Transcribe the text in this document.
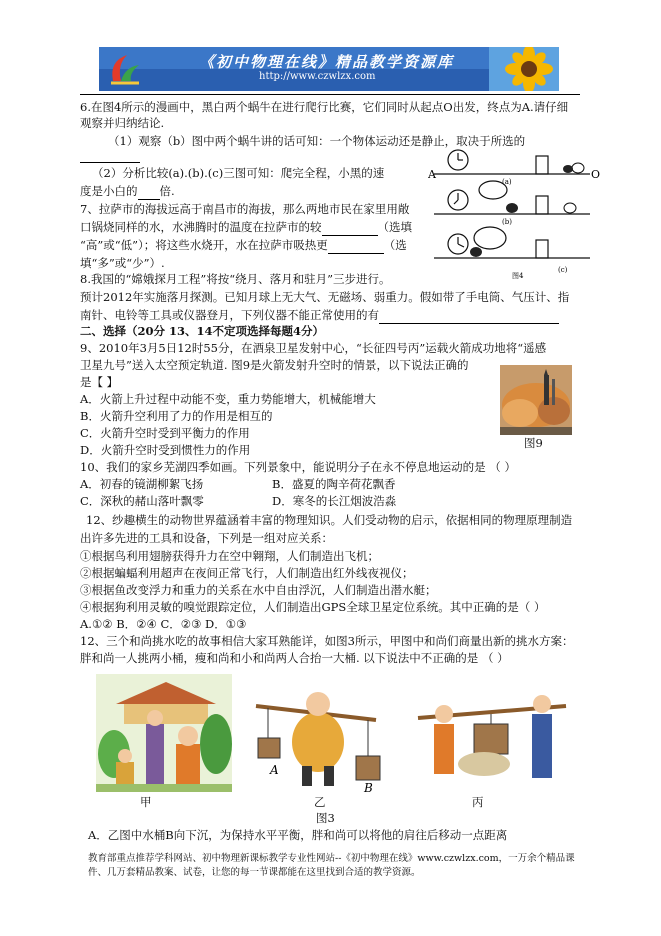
《初中物理在线》精品教学资源库
http://www.czwlzx.com
6.在图4所示的漫画中，黑白两个蜗牛在进行爬行比赛，它们同时从起点O出发，终点为A.请仔细
观察并归纳结论.
（1）观察（b）图中两个蜗牛讲的话可知：一个物体运动还是静止，取决于所选的
（2）分析比较(a).(b).(c)三图可知：爬完全程，小黑的速
度是小白的 倍.
A	O
(a)
(b)
(c)
图4
7、拉萨市的海拔远高于南昌市的海拔，那么两地市民在家里用敞
口锅烧同样的水，水沸腾时的温度在拉萨市的较	（选填
“高”或“低”）；将这些水烧开，水在拉萨市吸热更	（选
填“多”或“少”）.
8.我国的“嫦娥探月工程”将按“绕月、落月和驻月”三步进行。
预计2012年实施落月探测。已知月球上无大气、无磁场、弱重力。假如带了手电筒、气压计、指
南针、电铃等工具或仪器登月，下列仪器不能正常使用的有
二、选择（20分 13、14不定项选择每题4分）
9、2010年3月5日12时55分，在酒泉卫星发射中心，“长征四号丙”运载火箭成功地将“遥感
卫星九号”送入太空预定轨道. 图9是火箭发射升空时的情景，以下说法正确的
是【 】
A．火箭上升过程中动能不变，重力势能增大，机械能增大
B．火箭升空利用了力的作用是相互的
C．火箭升空时受到平衡力的作用
D．火箭升空时受到惯性力的作用	图9
10、我们的家乡芜湖四季如画。下列景象中，能说明分子在永不停息地运动的是 （ ）
A．初春的镜湖柳絮飞扬	B．盛夏的陶辛荷花飘香
C．深秋的赭山落叶飘零	D．寒冬的长江烟波浩淼
12、纱趣横生的动物世界蕴涵着丰富的物理知识。人们受动物的启示，依据相同的物理原理制造
出许多先进的工具和设备，下列是一组对应关系：
①根据鸟利用翅膀获得升力在空中翱翔，人们制造出飞机；
②根据蝙蝠利用超声在夜间正常飞行，人们制造出红外线夜视仪；
③根据鱼改变浮力和重力的关系在水中自由浮沉，人们制造出潜水艇；
④根据狗利用灵敏的嗅觉跟踪定位，人们制造出GPS全球卫星定位系统。其中正确的是（ ）
A.①② B．②④ C．②③ D．①③
12、三个和尚挑水吃的故事相信大家耳熟能详，如图3所示，甲图中和尚们商量出新的挑水方案：
胖和尚一人挑两小桶，瘦和尚和小和尚两人合抬一大桶. 以下说法中不正确的是 （ ）
A
B
甲	乙	丙
图3
A．乙图中水桶B向下沉，为保持水平平衡，胖和尚可以将他的肩往后移动一点距离
教育部重点推荐学科网站、初中物理新课标教学专业性网站--《初中物理在线》www.czwlzx.com，一万余个精品课件、几万套精品教案、试卷，让您的每一节课都能在这里找到合适的教学资源。
